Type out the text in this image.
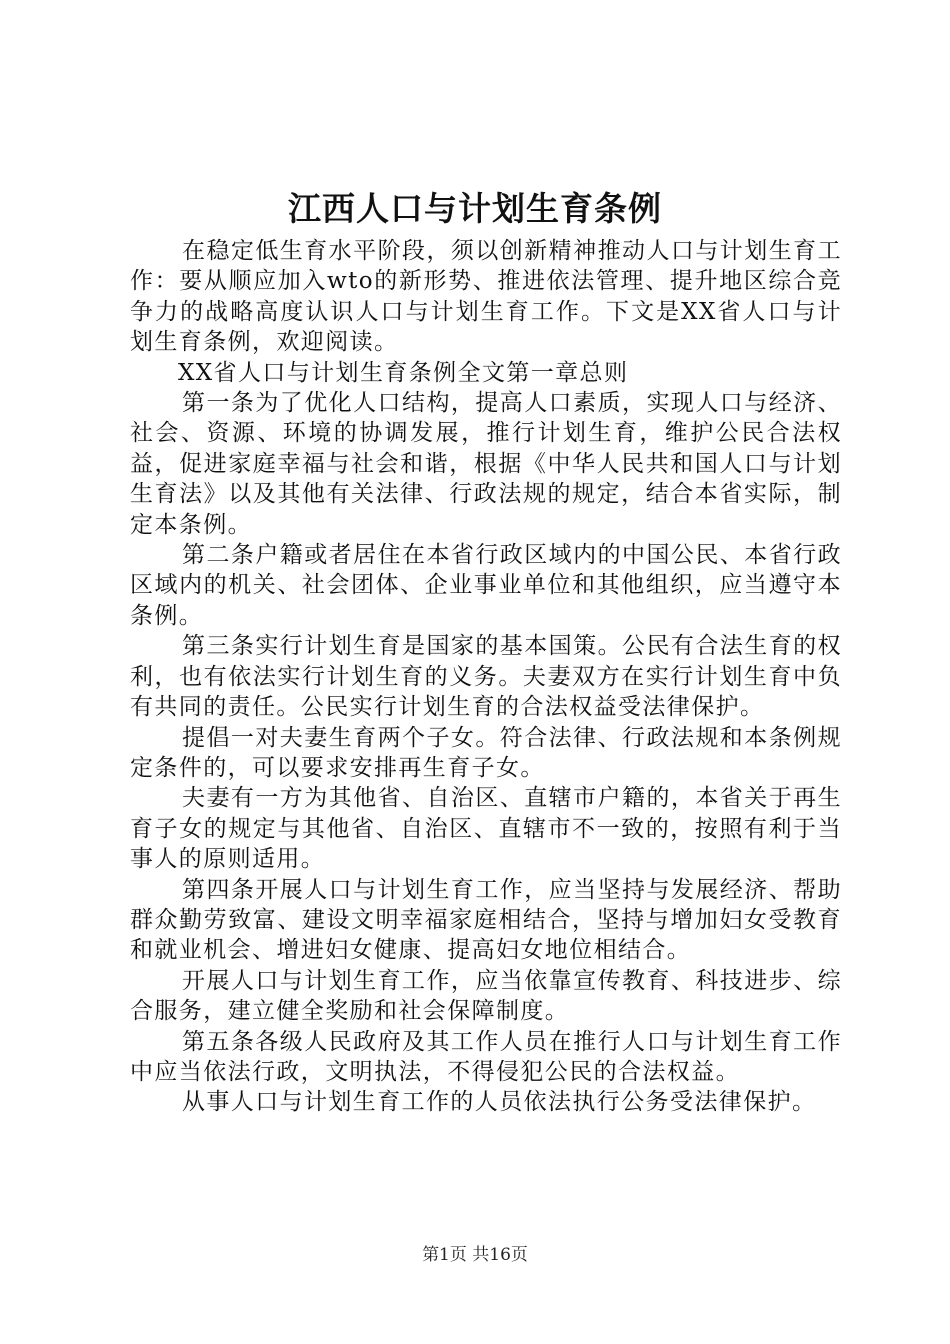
江西人口与计划生育条例

在稳定低生育水平阶段，须以创新精神推动人口与计划生育工作：要从顺应加入wto的新形势、推进依法管理、提升地区综合竞争力的战略高度认识人口与计划生育工作。下文是XX省人口与计划生育条例，欢迎阅读。

XX省人口与计划生育条例全文第一章总则

第一条为了优化人口结构，提高人口素质，实现人口与经济、社会、资源、环境的协调发展，推行计划生育，维护公民合法权益，促进家庭幸福与社会和谐，根据《中华人民共和国人口与计划生育法》以及其他有关法律、行政法规的规定，结合本省实际，制定本条例。

第二条户籍或者居住在本省行政区域内的中国公民、本省行政区域内的机关、社会团体、企业事业单位和其他组织，应当遵守本条例。

第三条实行计划生育是国家的基本国策。公民有合法生育的权利，也有依法实行计划生育的义务。夫妻双方在实行计划生育中负有共同的责任。公民实行计划生育的合法权益受法律保护。

提倡一对夫妻生育两个子女。符合法律、行政法规和本条例规定条件的，可以要求安排再生育子女。

夫妻有一方为其他省、自治区、直辖市户籍的，本省关于再生育子女的规定与其他省、自治区、直辖市不一致的，按照有利于当事人的原则适用。

第四条开展人口与计划生育工作，应当坚持与发展经济、帮助群众勤劳致富、建设文明幸福家庭相结合，坚持与增加妇女受教育和就业机会、增进妇女健康、提高妇女地位相结合。

开展人口与计划生育工作，应当依靠宣传教育、科技进步、综合服务，建立健全奖励和社会保障制度。

第五条各级人民政府及其工作人员在推行人口与计划生育工作中应当依法行政，文明执法，不得侵犯公民的合法权益。

从事人口与计划生育工作的人员依法执行公务受法律保护。

第1页 共16页
